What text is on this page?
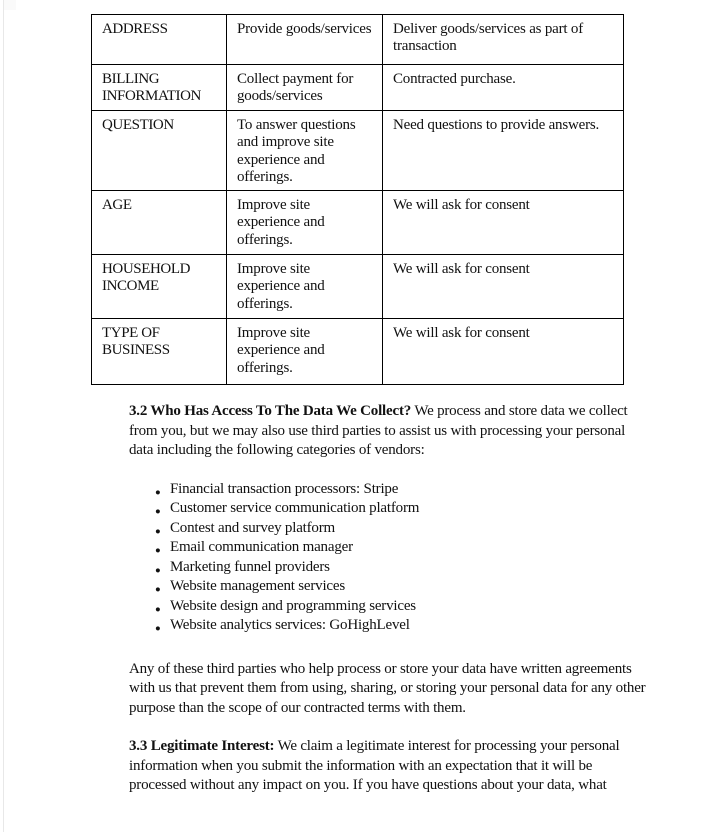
ADDRESS	Provide goods/services	Deliver goods/services as part of transaction
BILLING INFORMATION	Collect payment for goods/services	Contracted purchase.
QUESTION	To answer questions and improve site experience and offerings.	Need questions to provide answers.
AGE	Improve site experience and offerings.	We will ask for consent
HOUSEHOLD INCOME	Improve site experience and offerings.	We will ask for consent
TYPE OF BUSINESS	Improve site experience and offerings.	We will ask for consent

3.2 Who Has Access To The Data We Collect? We process and store data we collect from you, but we may also use third parties to assist us with processing your personal data including the following categories of vendors:

● Financial transaction processors: Stripe
● Customer service communication platform
● Contest and survey platform
● Email communication manager
● Marketing funnel providers
● Website management services
● Website design and programming services
● Website analytics services: GoHighLevel

Any of these third parties who help process or store your data have written agreements with us that prevent them from using, sharing, or storing your personal data for any other purpose than the scope of our contracted terms with them.

3.3 Legitimate Interest: We claim a legitimate interest for processing your personal information when you submit the information with an expectation that it will be processed without any impact on you. If you have questions about your data, what
